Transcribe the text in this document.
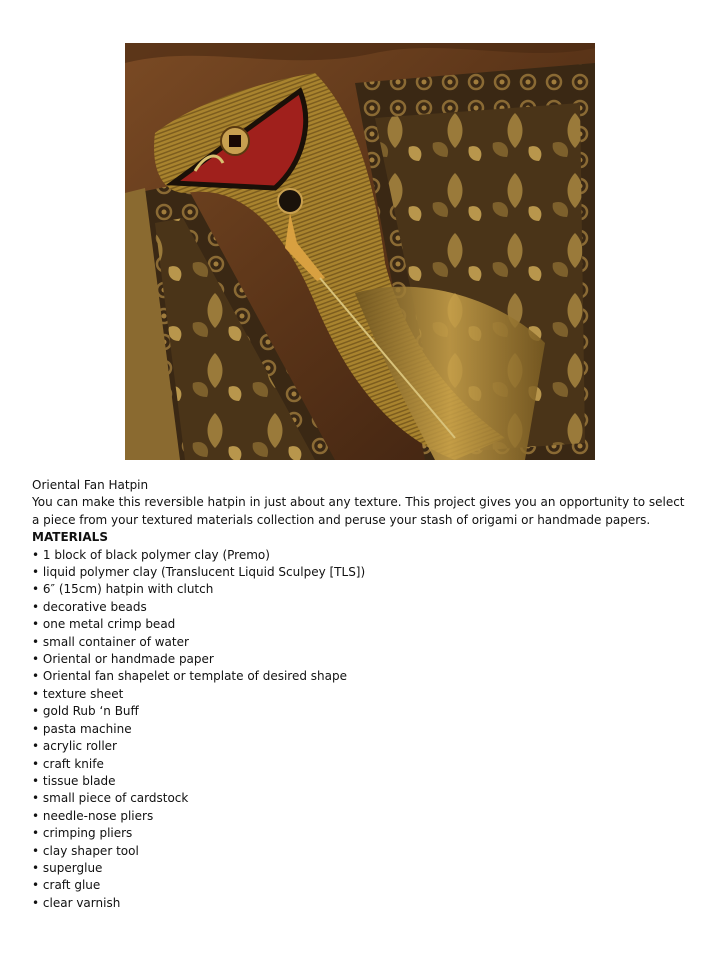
Oriental Fan Hatpin

You can make this reversible hatpin in just about any texture. This project gives you an opportunity to select a piece from your textured materials collection and peruse your stash of origami or handmade papers.

MATERIALS

• 1 block of black polymer clay (Premo)
• liquid polymer clay (Translucent Liquid Sculpey [TLS])
• 6″ (15cm) hatpin with clutch
• decorative beads
• one metal crimp bead
• small container of water
• Oriental or handmade paper
• Oriental fan shapelet or template of desired shape
• texture sheet
• gold Rub ‘n Buff
• pasta machine
• acrylic roller
• craft knife
• tissue blade
• small piece of cardstock
• needle-nose pliers
• crimping pliers
• clay shaper tool
• superglue
• craft glue
• clear varnish
